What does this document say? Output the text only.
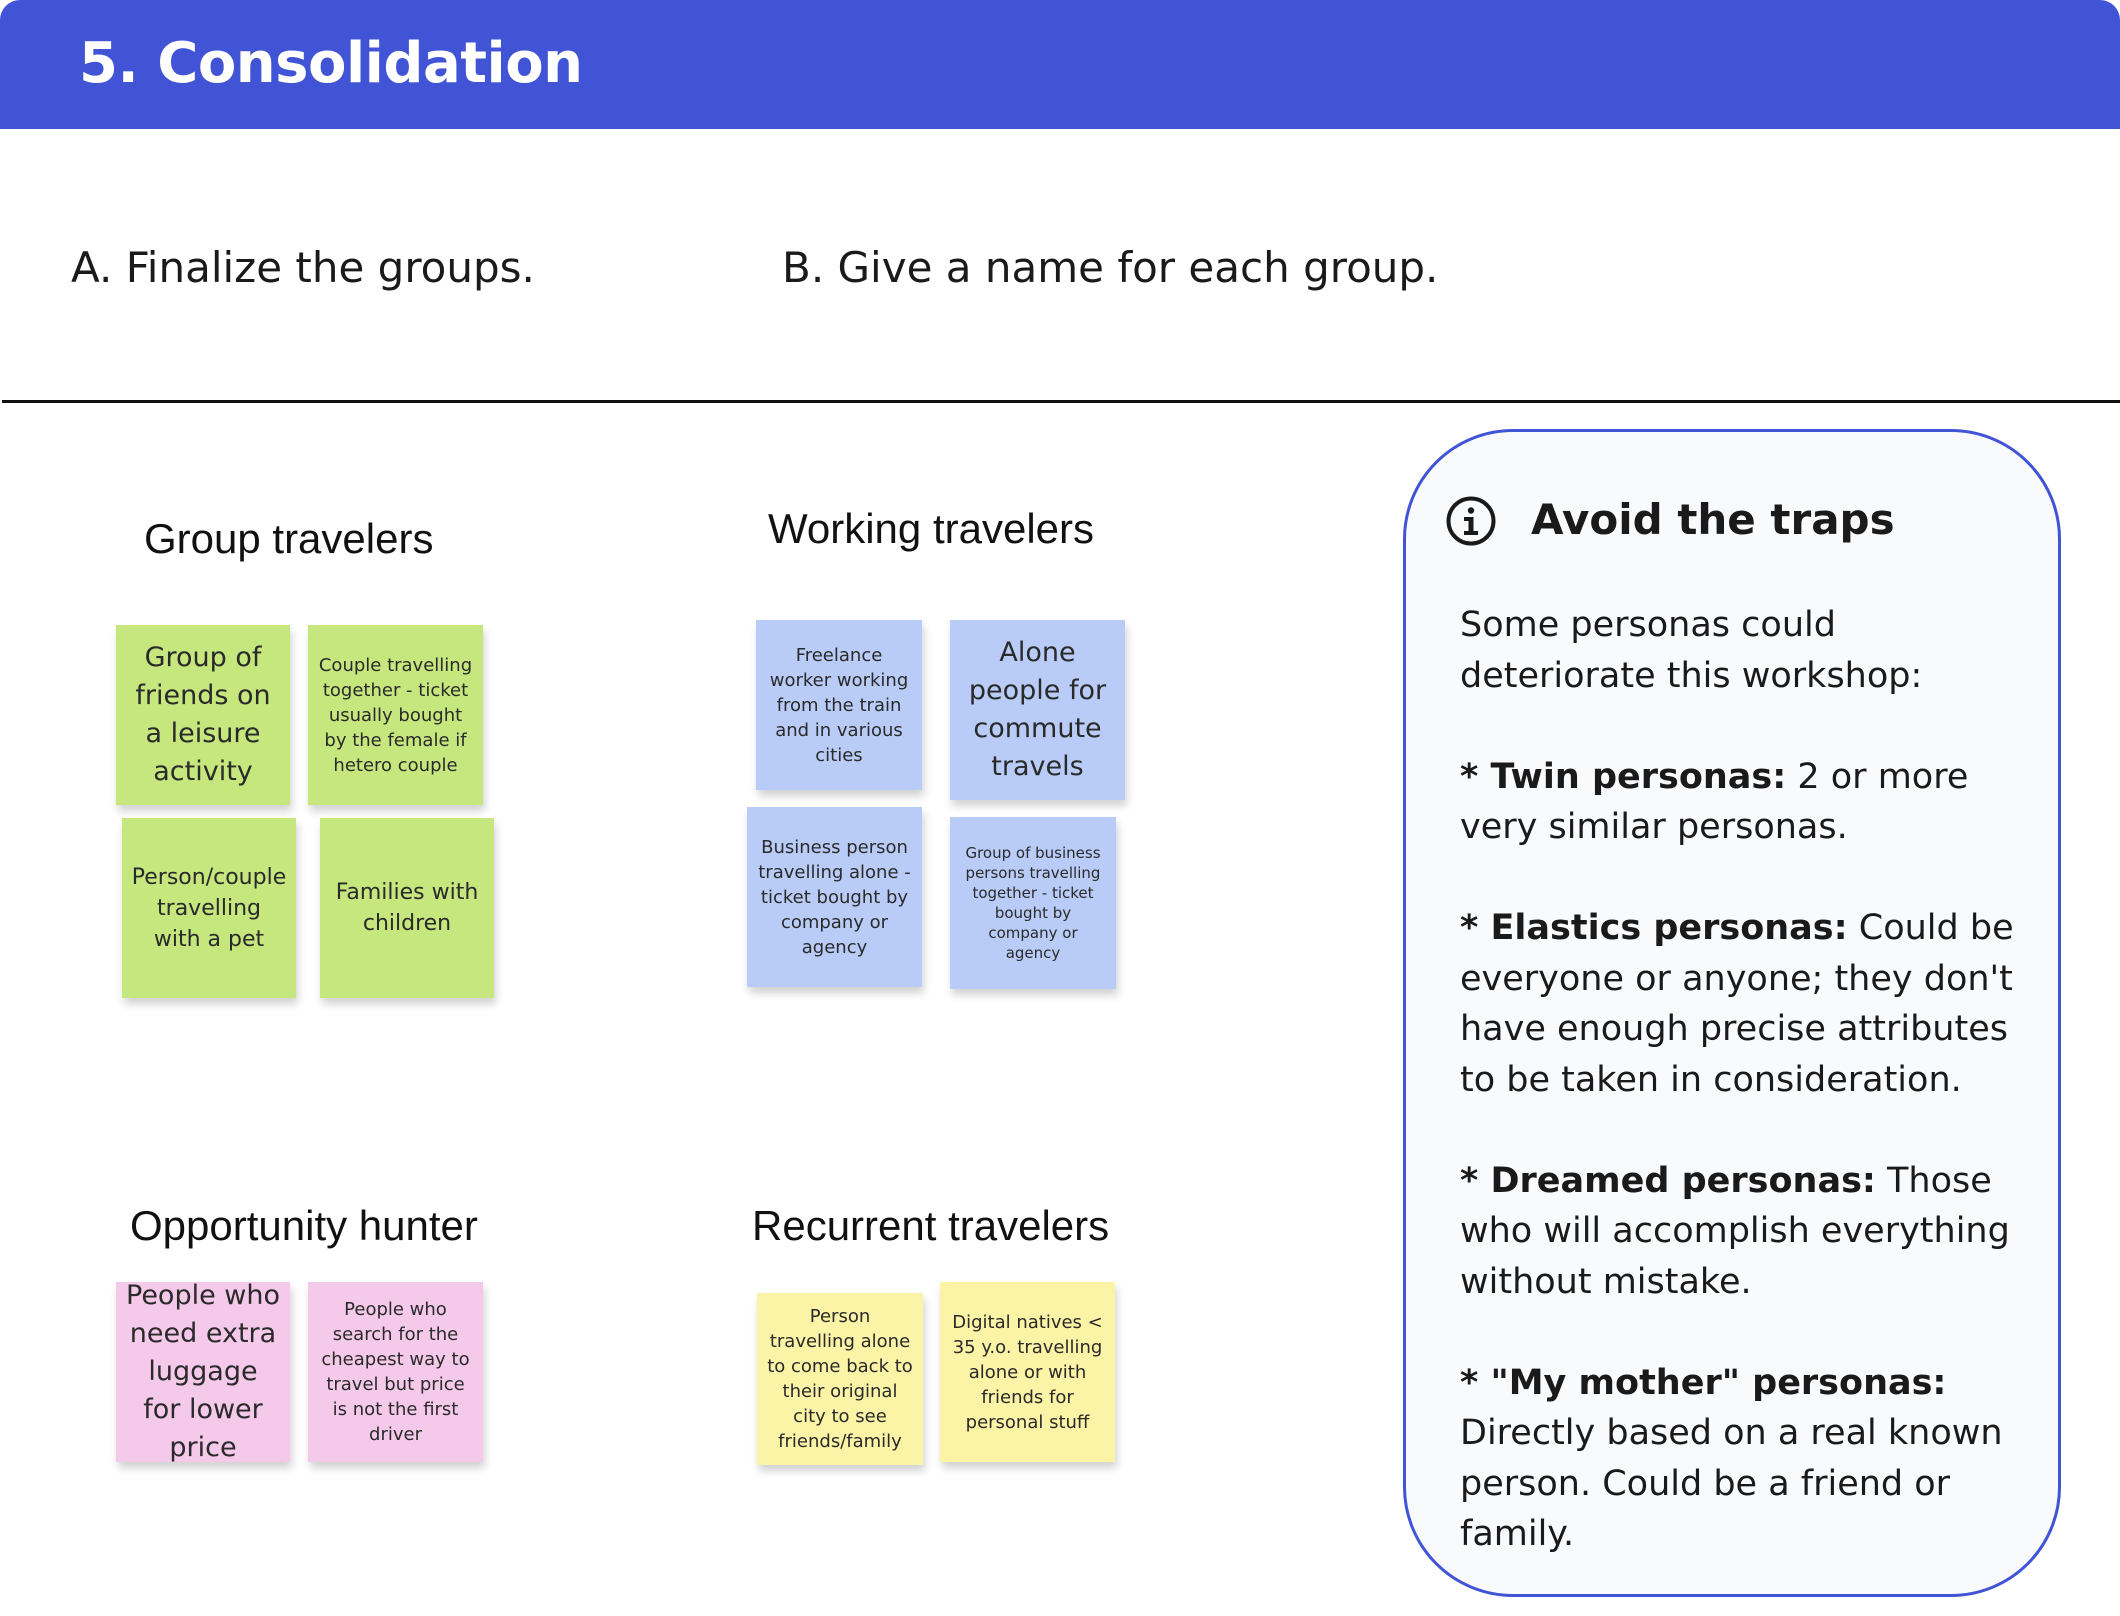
5. Consolidation
A. Finalize the groups.	B. Give a name for each group.
Group travelers
Group of friends on a leisure activity
Couple travelling together - ticket usually bought by the female if hetero couple
Person/couple travelling with a pet
Families with children
Working travelers
Freelance worker working from the train and in various cities
Alone people for commute travels
Business person travelling alone - ticket bought by company or agency
Group of business persons travelling together - ticket bought by company or agency
Opportunity hunter
People who need extra luggage for lower price
People who search for the cheapest way to travel but price is not the first driver
Recurrent travelers
Person travelling alone to come back to their original city to see friends/family
Digital natives < 35 y.o. travelling alone or with friends for personal stuff
Avoid the traps

Some personas could deteriorate this workshop:

* Twin personas: 2 or more very similar personas.

* Elastics personas: Could be everyone or anyone; they don't have enough precise attributes to be taken in consideration.

* Dreamed personas: Those who will accomplish everything without mistake.

* "My mother" personas: Directly based on a real known person. Could be a friend or family.
